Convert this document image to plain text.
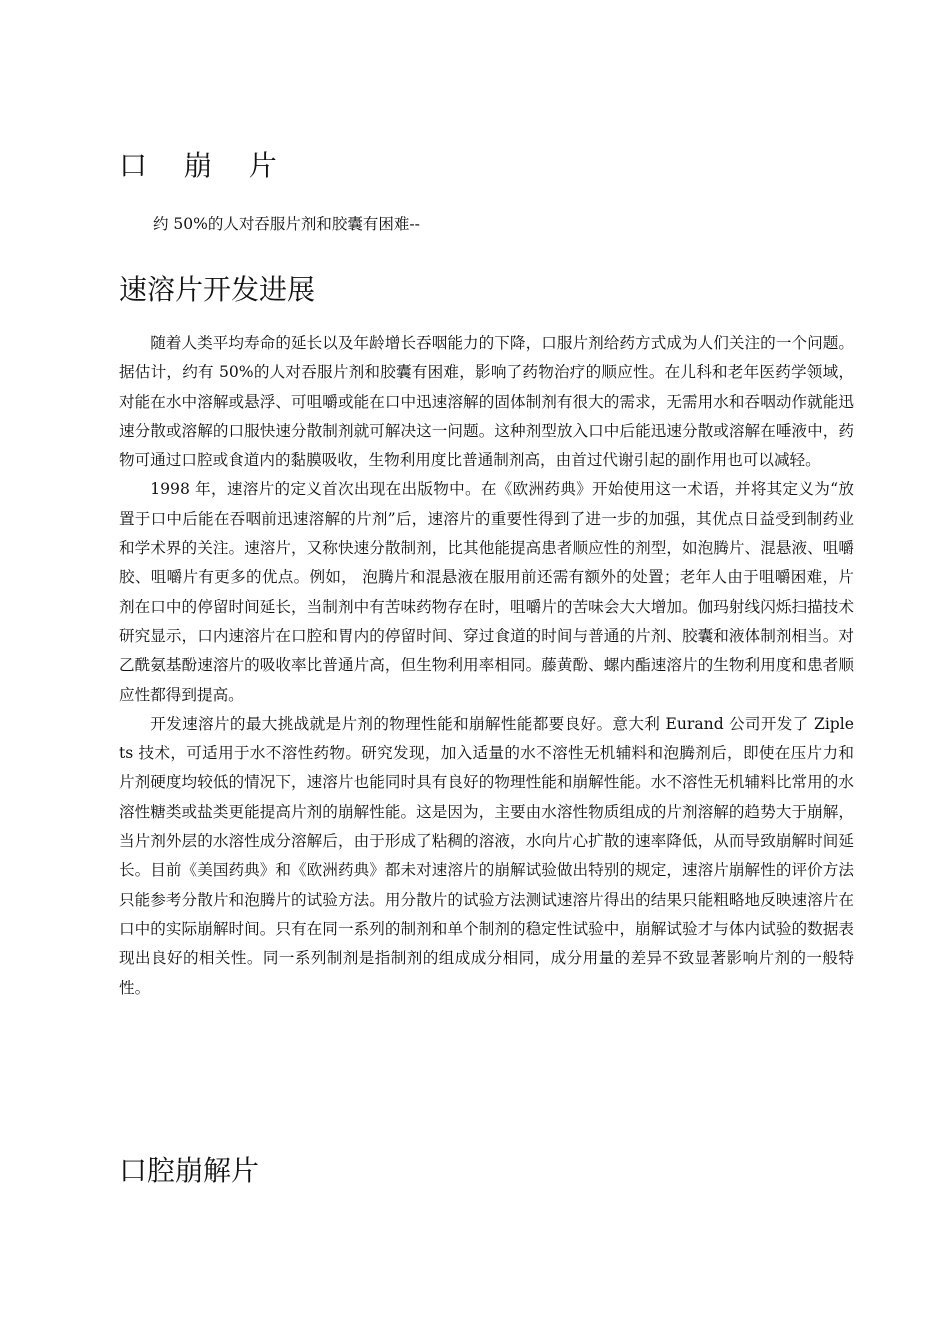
口 崩 片

约 50%的人对吞服片剂和胶囊有困难--

速溶片开发进展

随着人类平均寿命的延长以及年龄增长吞咽能力的下降，口服片剂给药方式成为人们关注的一个问题。据估计，约有 50%的人对吞服片剂和胶囊有困难，影响了药物治疗的顺应性。在儿科和老年医药学领域，对能在水中溶解或悬浮、可咀嚼或能在口中迅速溶解的固体制剂有很大的需求，无需用水和吞咽动作就能迅速分散或溶解的口服快速分散制剂就可解决这一问题。这种剂型放入口中后能迅速分散或溶解在唾液中，药物可通过口腔或食道内的黏膜吸收，生物利用度比普通制剂高，由首过代谢引起的副作用也可以减轻。

1998 年，速溶片的定义首次出现在出版物中。在《欧洲药典》开始使用这一术语，并将其定义为“放置于口中后能在吞咽前迅速溶解的片剂”后，速溶片的重要性得到了进一步的加强，其优点日益受到制药业和学术界的关注。速溶片，又称快速分散制剂，比其他能提高患者顺应性的剂型，如泡腾片、混悬液、咀嚼胶、咀嚼片有更多的优点。例如， 泡腾片和混悬液在服用前还需有额外的处置；老年人由于咀嚼困难，片剂在口中的停留时间延长，当制剂中有苦味药物存在时，咀嚼片的苦味会大大增加。伽玛射线闪烁扫描技术研究显示，口内速溶片在口腔和胃内的停留时间、穿过食道的时间与普通的片剂、胶囊和液体制剂相当。对乙酰氨基酚速溶片的吸收率比普通片高，但生物利用率相同。藤黄酚、螺内酯速溶片的生物利用度和患者顺应性都得到提高。

开发速溶片的最大挑战就是片剂的物理性能和崩解性能都要良好。意大利 Eurand 公司开发了 Ziple ts 技术，可适用于水不溶性药物。研究发现，加入适量的水不溶性无机辅料和泡腾剂后，即使在压片力和片剂硬度均较低的情况下，速溶片也能同时具有良好的物理性能和崩解性能。水不溶性无机辅料比常用的水溶性糖类或盐类更能提高片剂的崩解性能。这是因为，主要由水溶性物质组成的片剂溶解的趋势大于崩解，当片剂外层的水溶性成分溶解后，由于形成了粘稠的溶液，水向片心扩散的速率降低，从而导致崩解时间延长。目前《美国药典》和《欧洲药典》都未对速溶片的崩解试验做出特别的规定，速溶片崩解性的评价方法只能参考分散片和泡腾片的试验方法。用分散片的试验方法测试速溶片得出的结果只能粗略地反映速溶片在口中的实际崩解时间。只有在同一系列的制剂和单个制剂的稳定性试验中，崩解试验才与体内试验的数据表现出良好的相关性。同一系列制剂是指制剂的组成成分相同，成分用量的差异不致显著影响片剂的一般特性。

口腔崩解片
